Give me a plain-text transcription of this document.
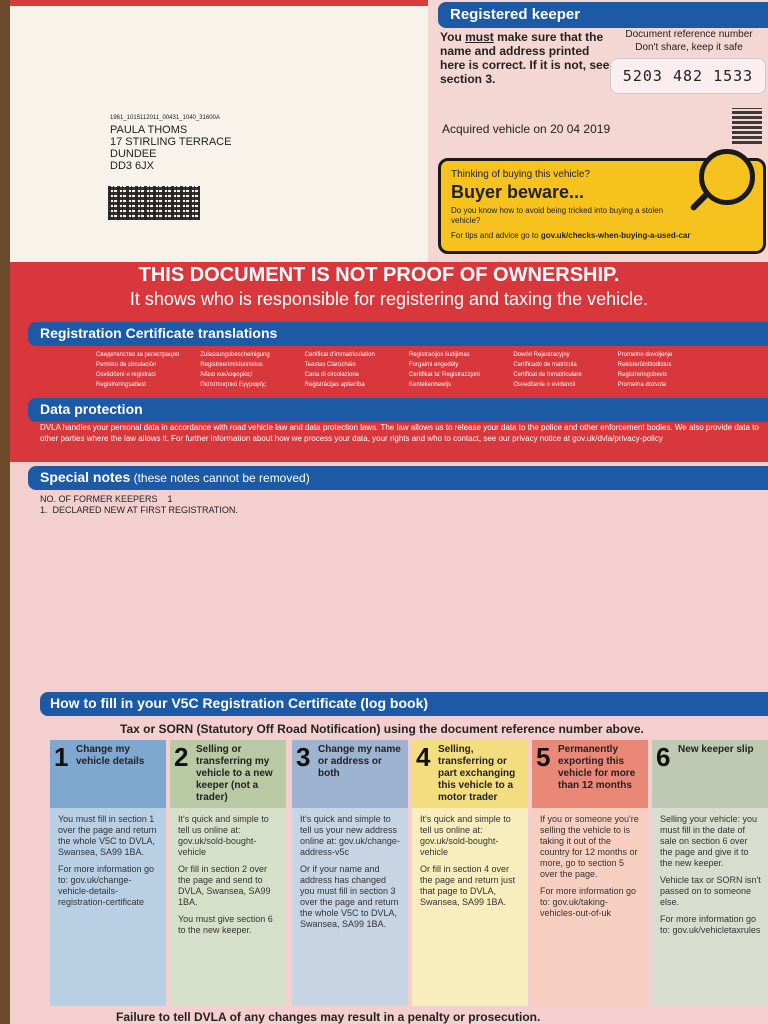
Registered keeper
You must make sure that the name and address printed here is correct. If it is not, see section 3.
Document reference number
Don't share, keep it safe
5203 482 1533
1961_1015112011_00431_1040_31600A
PAULA THOMS
17 STIRLING TERRACE
DUNDEE
DD3 6JX
Acquired vehicle on 20 04 2019
Thinking of buying this vehicle?
Buyer beware...
Do you know how to avoid being tricked into buying a stolen vehicle?
For tips and advice go to gov.uk/checks-when-buying-a-used-car
THIS DOCUMENT IS NOT PROOF OF OWNERSHIP.
It shows who is responsible for registering and taxing the vehicle.
Registration Certificate translations
Свидетелство за регистрация
Permiso de circulación
Osvědčení o registraci
Registreringsattest
Zulassungsbescheinigung
Registreerimistunnistus
Άδεια κυκλοφορίας/
Πιστοποιητικό Εγγραφής
Certificat d'immatriculation
Teastas Clárúcháin
Carta di circolazione
Reģistrācijas apliecība
Registracijos liudijimas
Forgalmi engedély
Certifikat ta' Registrazzjoni
Kentekenbewijs
Dowód Rejestracyjny
Certificado de matrícula
Certificat de înmatriculare
Osvedčenie o evidencii
Prometno dovoljenje
Rekisteröintitodistus
Registreringsbevis
Prometna dozvola
Data protection
DVLA handles your personal data in accordance with road vehicle law and data protection laws. The law allows us to release your data to the police and other enforcement bodies. We also provide data to other parties where the law allows it. For further information about how we process your data, your rights and who to contact, see our privacy notice at gov.uk/dvla/privacy-policy
Special notes (these notes cannot be removed)
NO. OF FORMER KEEPERS    1
1.  DECLARED NEW AT FIRST REGISTRATION.
How to fill in your V5C Registration Certificate (log book)
Tax or SORN (Statutory Off Road Notification) using the document reference number above.
1 Change my vehicle details

You must fill in section 1 over the page and return the whole V5C to DVLA, Swansea, SA99 1BA.

For more information go to: gov.uk/change-vehicle-details-registration-certificate

2 Selling or transferring my vehicle to a new keeper (not a trader)

It's quick and simple to tell us online at: gov.uk/sold-bought-vehicle

Or fill in section 2 over the page and send to DVLA, Swansea, SA99 1BA.

You must give section 6 to the new keeper.

3 Change my name or address or both

It's quick and simple to tell us your new address online at: gov.uk/change-address-v5c

Or if your name and address has changed you must fill in section 3 over the page and return the whole V5C to DVLA, Swansea, SA99 1BA.

4 Selling, transferring or part exchanging this vehicle to a motor trader

It's quick and simple to tell us online at: gov.uk/sold-bought-vehicle

Or fill in section 4 over the page and return just that page to DVLA, Swansea, SA99 1BA.

5 Permanently exporting this vehicle for more than 12 months

If you or someone you're selling the vehicle to is taking it out of the country for 12 months or more, go to section 5 over the page.

For more information go to: gov.uk/taking-vehicles-out-of-uk

6 New keeper slip

Selling your vehicle: you must fill in the date of sale on section 6 over the page and give it to the new keeper.

Vehicle tax or SORN isn't passed on to someone else.

For more information go to: gov.uk/vehicletaxrules

Failure to tell DVLA of any changes may result in a penalty or prosecution.
